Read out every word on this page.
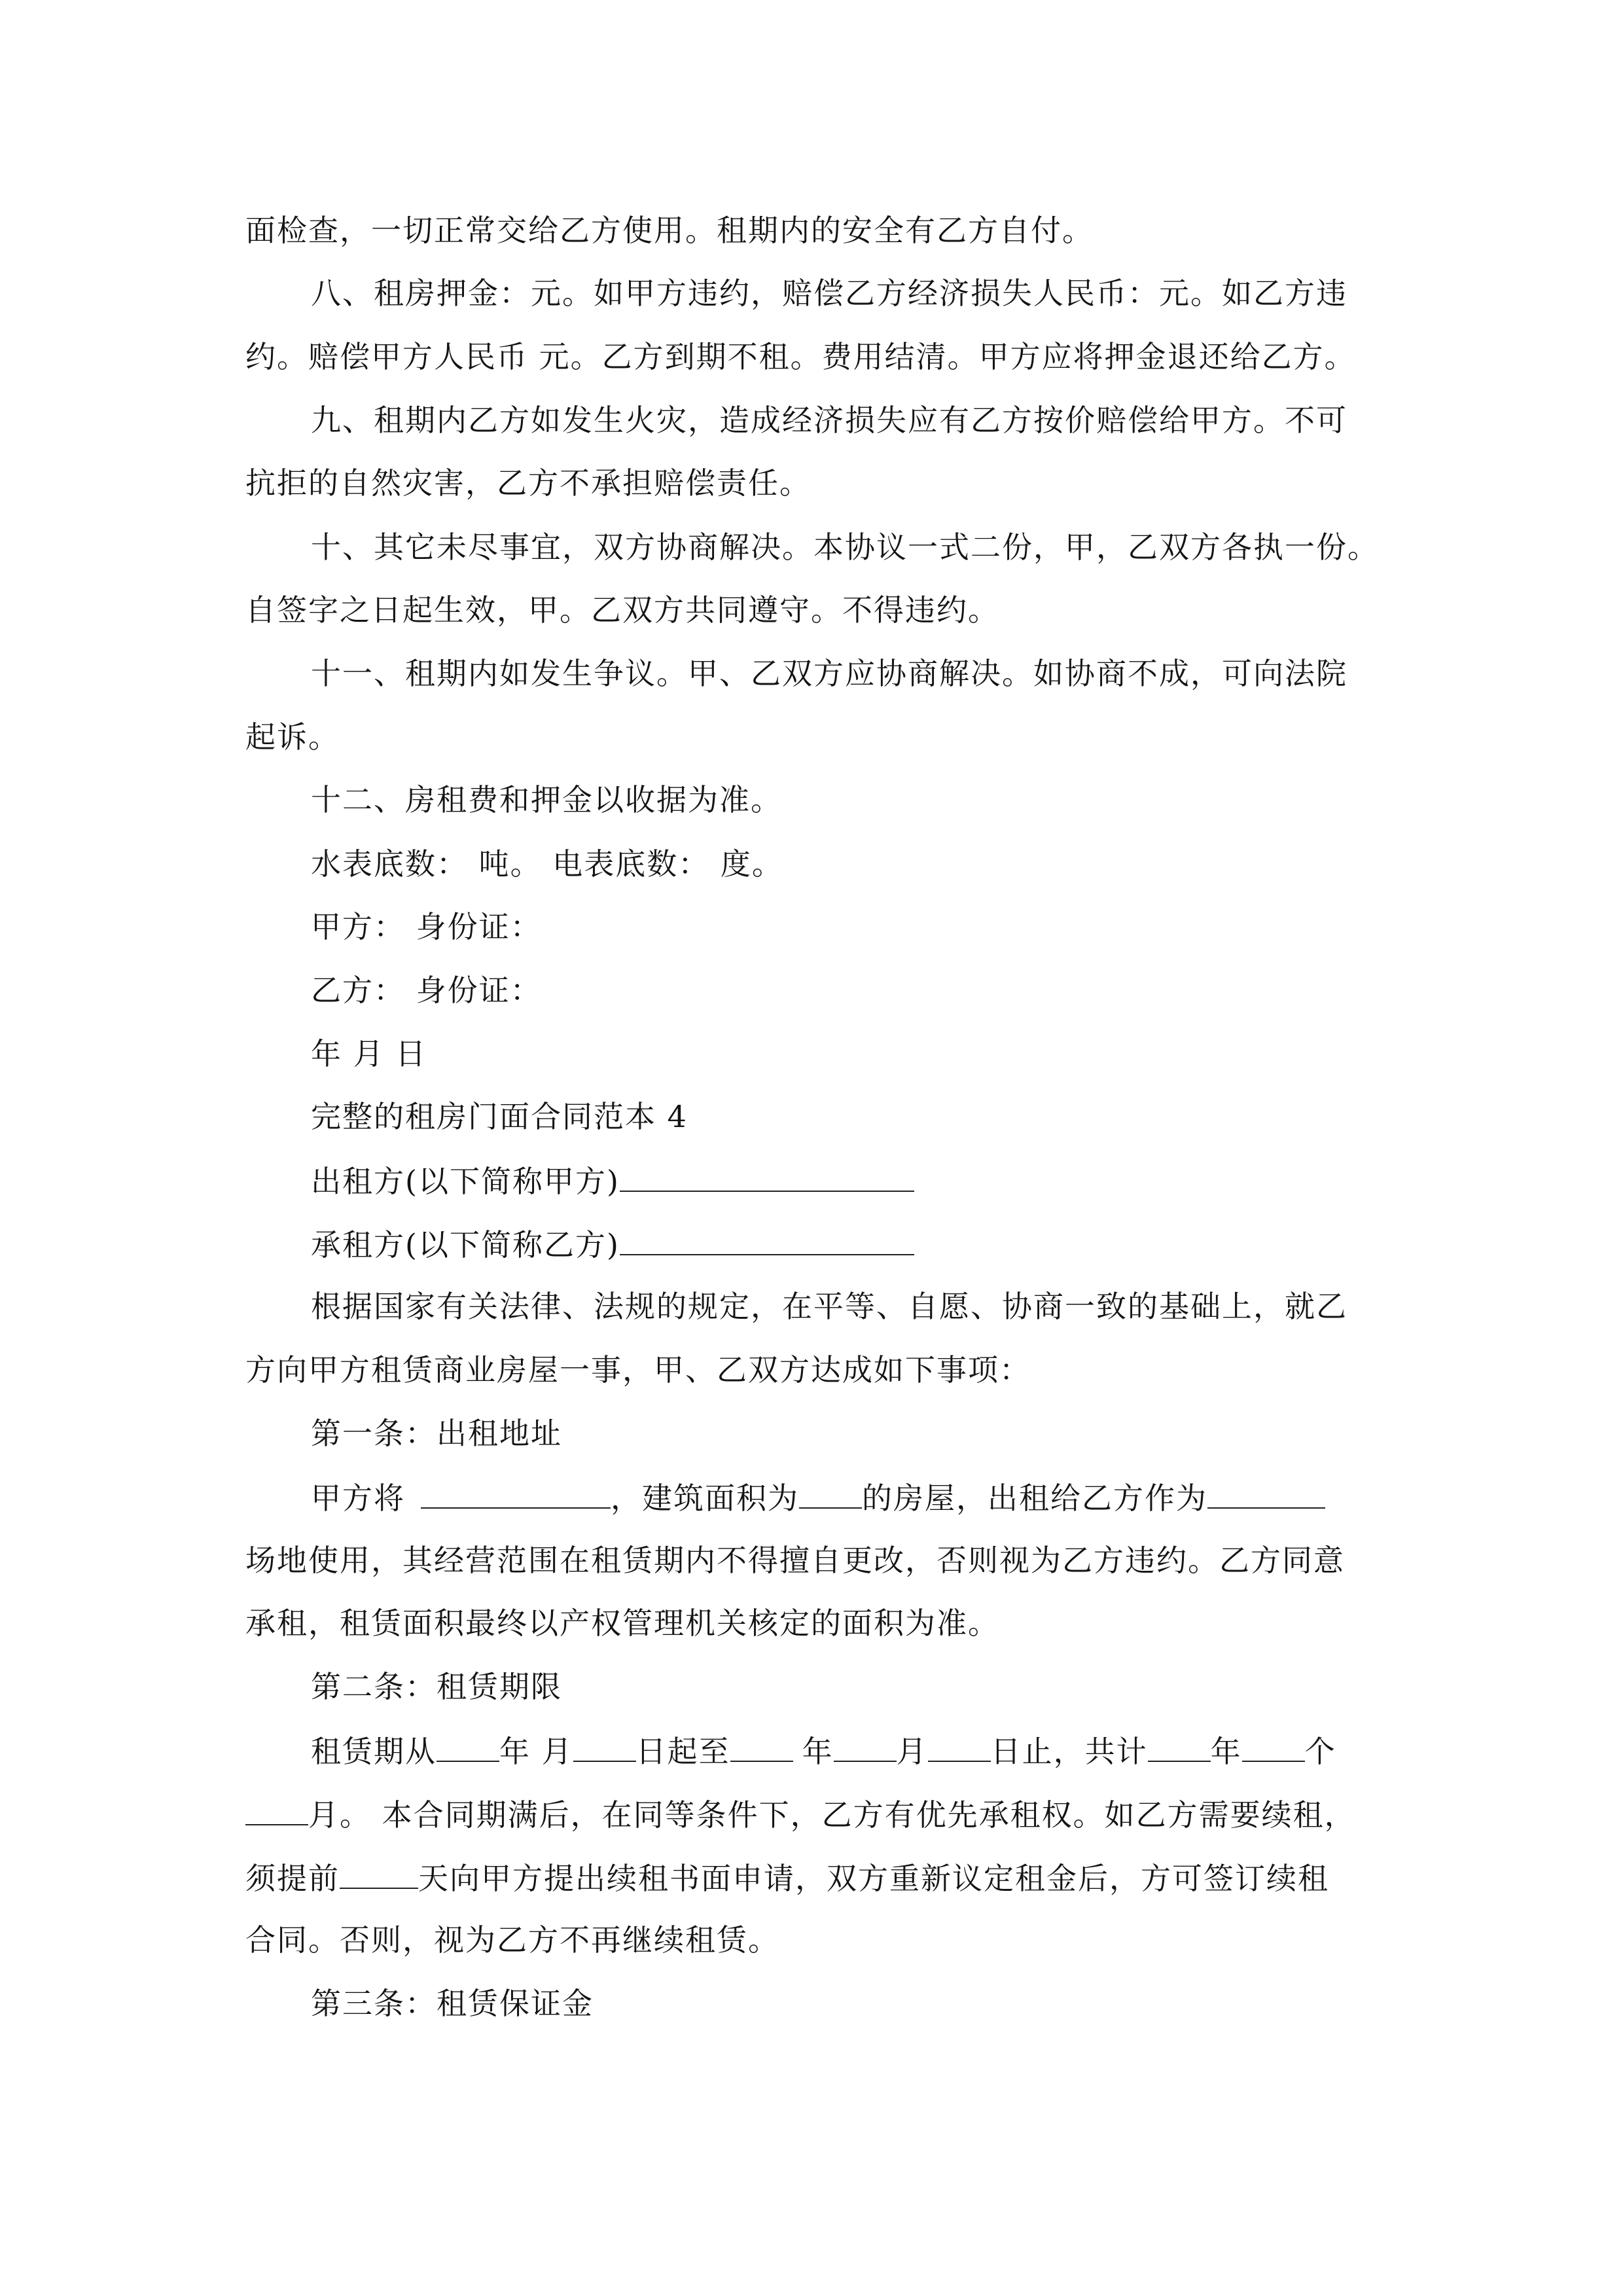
面检查，一切正常交给乙方使用。租期内的安全有乙方自付。
八、租房押金：元。如甲方违约，赔偿乙方经济损失人民币：元。如乙方违
约。赔偿甲方人民币 元。乙方到期不租。费用结清。甲方应将押金退还给乙方。
九、租期内乙方如发生火灾，造成经济损失应有乙方按价赔偿给甲方。不可
抗拒的自然灾害，乙方不承担赔偿责任。
十、其它未尽事宜，双方协商解决。本协议一式二份，甲，乙双方各执一份。
自签字之日起生效，甲。乙双方共同遵守。不得违约。
十一、租期内如发生争议。甲、乙双方应协商解决。如协商不成，可向法院
起诉。
十二、房租费和押金以收据为准。
水表底数： 吨。 电表底数： 度。
甲方： 身份证：
乙方： 身份证：
年 月 日
完整的租房门面合同范本 4
出租方(以下简称甲方)
承租方(以下简称乙方)
根据国家有关法律、法规的规定，在平等、自愿、协商一致的基础上，就乙
方向甲方租赁商业房屋一事，甲、乙双方达成如下事项：
第一条：出租地址
甲方将	，建筑面积为 的房屋，出租给乙方作为
场地使用，其经营范围在租赁期内不得擅自更改，否则视为乙方违约。乙方同意
承租，租赁面积最终以产权管理机关核定的面积为准。
第二条：租赁期限
租赁期从 年 月 日起至 年 月 日止，共计 年 个
月。 本合同期满后，在同等条件下，乙方有优先承租权。如乙方需要续租，
须提前	天向甲方提出续租书面申请，双方重新议定租金后，方可签订续租
合同。否则，视为乙方不再继续租赁。
第三条：租赁保证金
